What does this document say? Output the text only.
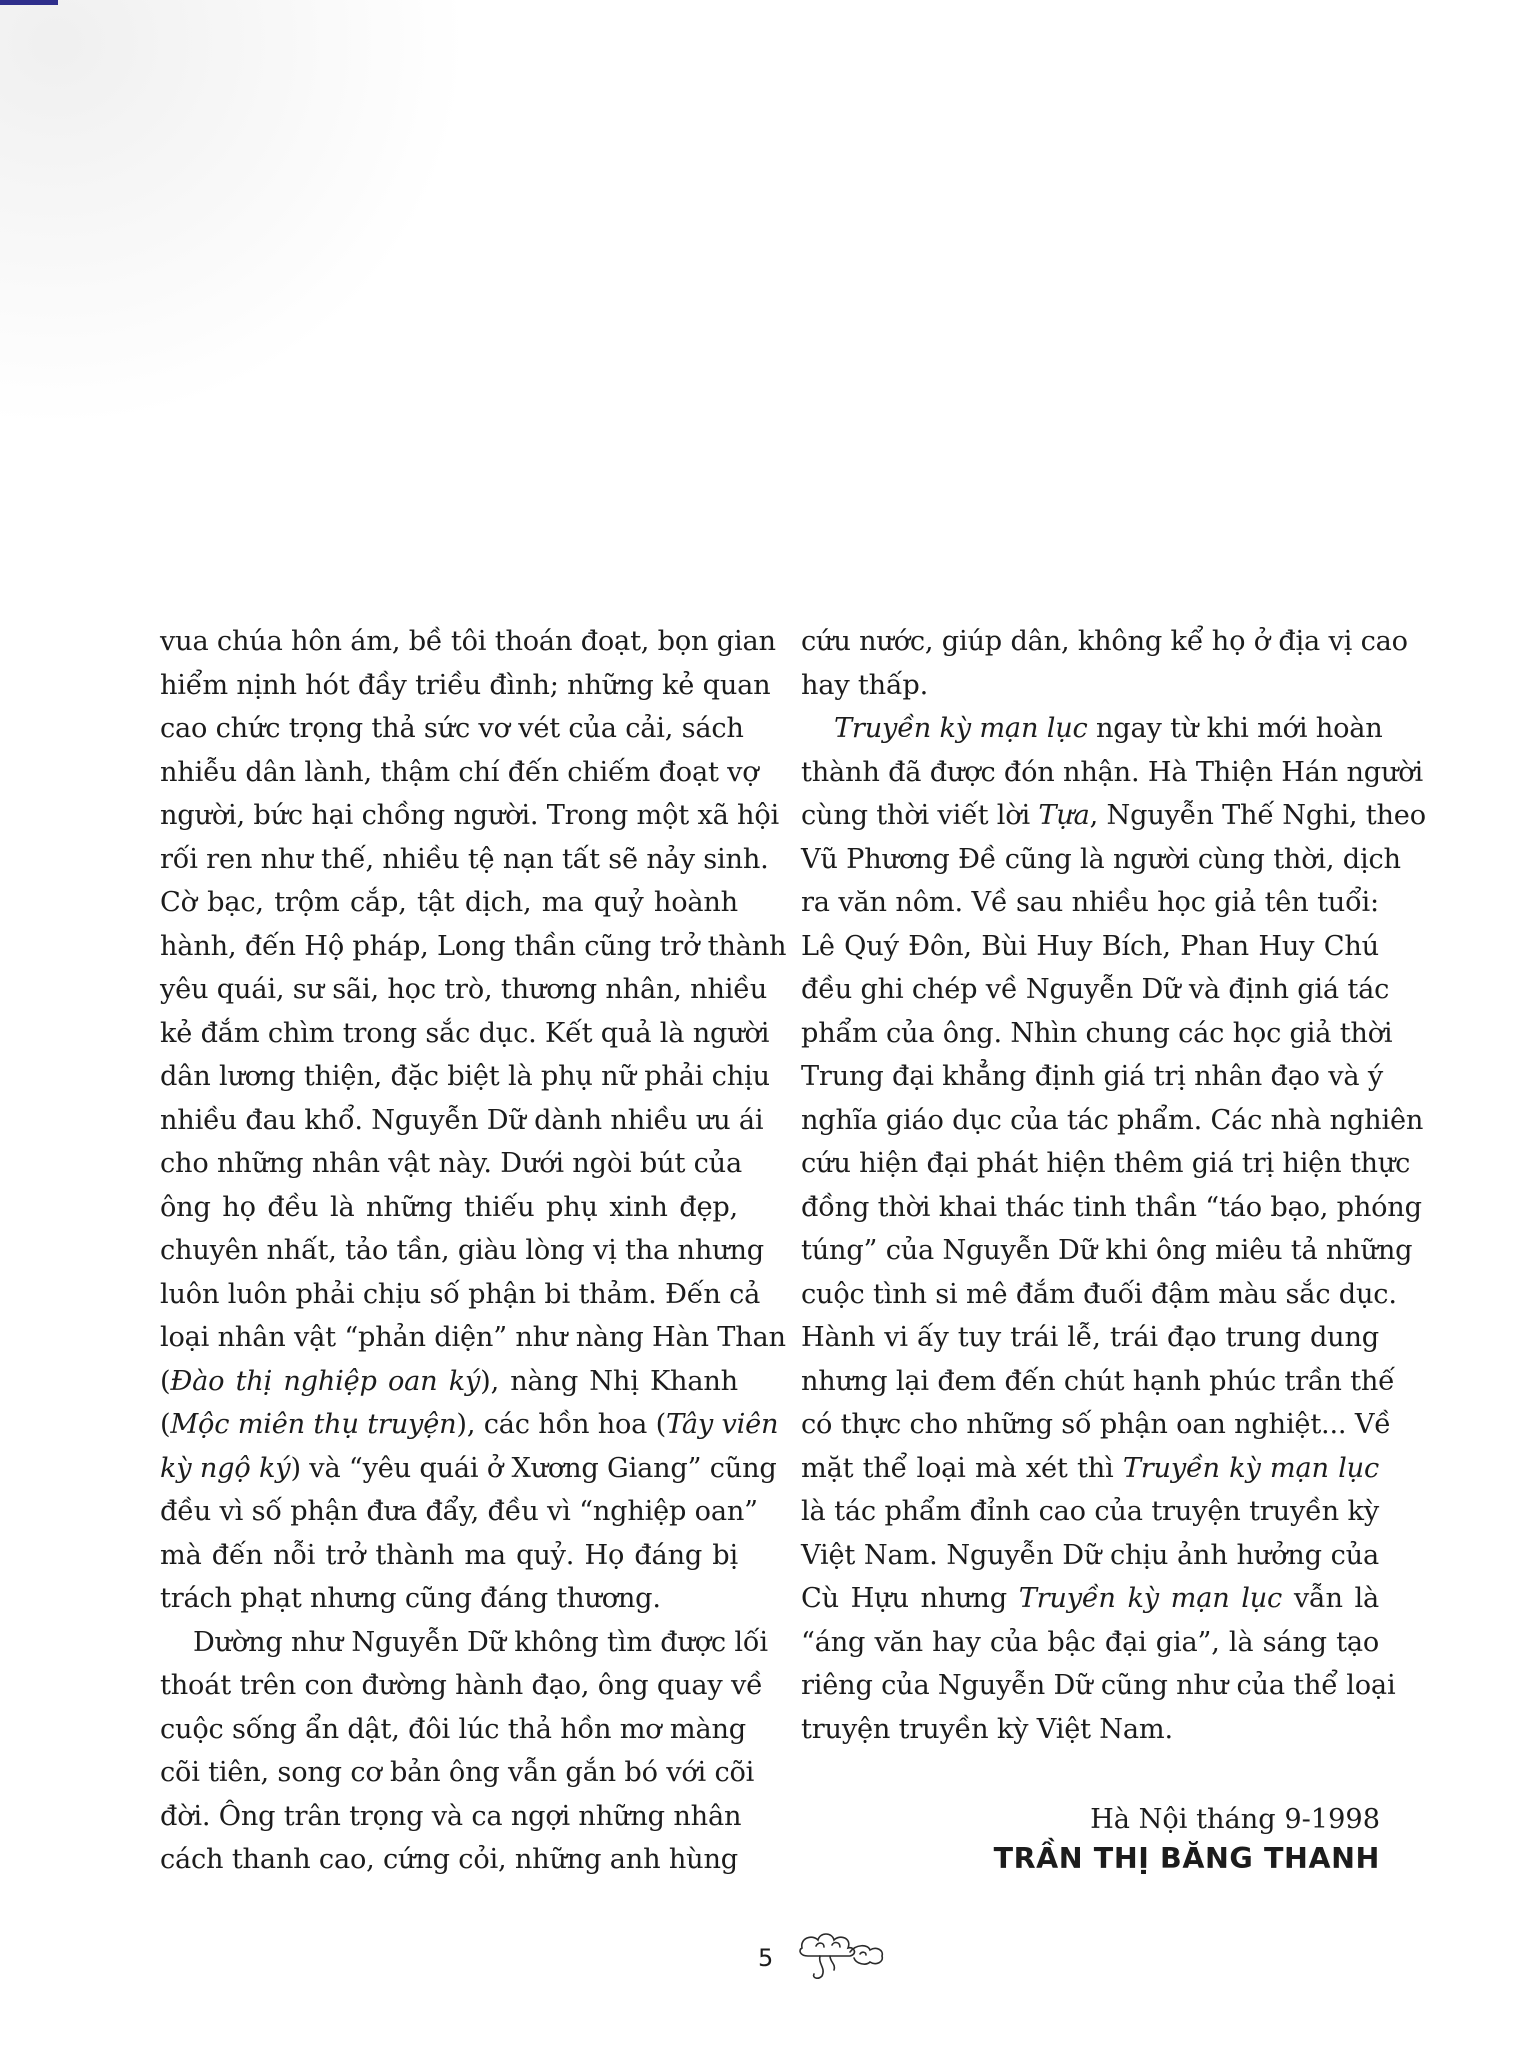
vua chúa hôn ám, bề tôi thoán đoạt, bọn gian
hiểm nịnh hót đầy triều đình; những kẻ quan
cao chức trọng thả sức vơ vét của cải, sách
nhiễu dân lành, thậm chí đến chiếm đoạt vợ
người, bức hại chồng người. Trong một xã hội
rối ren như thế, nhiều tệ nạn tất sẽ nảy sinh.
Cờ bạc, trộm cắp, tật dịch, ma quỷ hoành
hành, đến Hộ pháp, Long thần cũng trở thành
yêu quái, sư sãi, học trò, thương nhân, nhiều
kẻ đắm chìm trong sắc dục. Kết quả là người
dân lương thiện, đặc biệt là phụ nữ phải chịu
nhiều đau khổ. Nguyễn Dữ dành nhiều ưu ái
cho những nhân vật này. Dưới ngòi bút của
ông họ đều là những thiếu phụ xinh đẹp,
chuyên nhất, tảo tần, giàu lòng vị tha nhưng
luôn luôn phải chịu số phận bi thảm. Đến cả
loại nhân vật “phản diện” như nàng Hàn Than
(Đào thị nghiệp oan ký), nàng Nhị Khanh
(Mộc miên thụ truyện), các hồn hoa (Tây viên
kỳ ngộ ký) và “yêu quái ở Xương Giang” cũng
đều vì số phận đưa đẩy, đều vì “nghiệp oan”
mà đến nỗi trở thành ma quỷ. Họ đáng bị
trách phạt nhưng cũng đáng thương.
Dường như Nguyễn Dữ không tìm được lối
thoát trên con đường hành đạo, ông quay về
cuộc sống ẩn dật, đôi lúc thả hồn mơ màng
cõi tiên, song cơ bản ông vẫn gắn bó với cõi
đời. Ông trân trọng và ca ngợi những nhân
cách thanh cao, cứng cỏi, những anh hùng
cứu nước, giúp dân, không kể họ ở địa vị cao
hay thấp.
Truyền kỳ mạn lục ngay từ khi mới hoàn
thành đã được đón nhận. Hà Thiện Hán người
cùng thời viết lời Tựa, Nguyễn Thế Nghi, theo
Vũ Phương Đề cũng là người cùng thời, dịch
ra văn nôm. Về sau nhiều học giả tên tuổi:
Lê Quý Đôn, Bùi Huy Bích, Phan Huy Chú
đều ghi chép về Nguyễn Dữ và định giá tác
phẩm của ông. Nhìn chung các học giả thời
Trung đại khẳng định giá trị nhân đạo và ý
nghĩa giáo dục của tác phẩm. Các nhà nghiên
cứu hiện đại phát hiện thêm giá trị hiện thực
đồng thời khai thác tinh thần “táo bạo, phóng
túng” của Nguyễn Dữ khi ông miêu tả những
cuộc tình si mê đắm đuối đậm màu sắc dục.
Hành vi ấy tuy trái lễ, trái đạo trung dung
nhưng lại đem đến chút hạnh phúc trần thế
có thực cho những số phận oan nghiệt... Về
mặt thể loại mà xét thì Truyền kỳ mạn lục
là tác phẩm đỉnh cao của truyện truyền kỳ
Việt Nam. Nguyễn Dữ chịu ảnh hưởng của
Cù Hựu nhưng Truyền kỳ mạn lục vẫn là
“áng văn hay của bậc đại gia”, là sáng tạo
riêng của Nguyễn Dữ cũng như của thể loại
truyện truyền kỳ Việt Nam.
Hà Nội tháng 9-1998
TRẦN THỊ BĂNG THANH
5
